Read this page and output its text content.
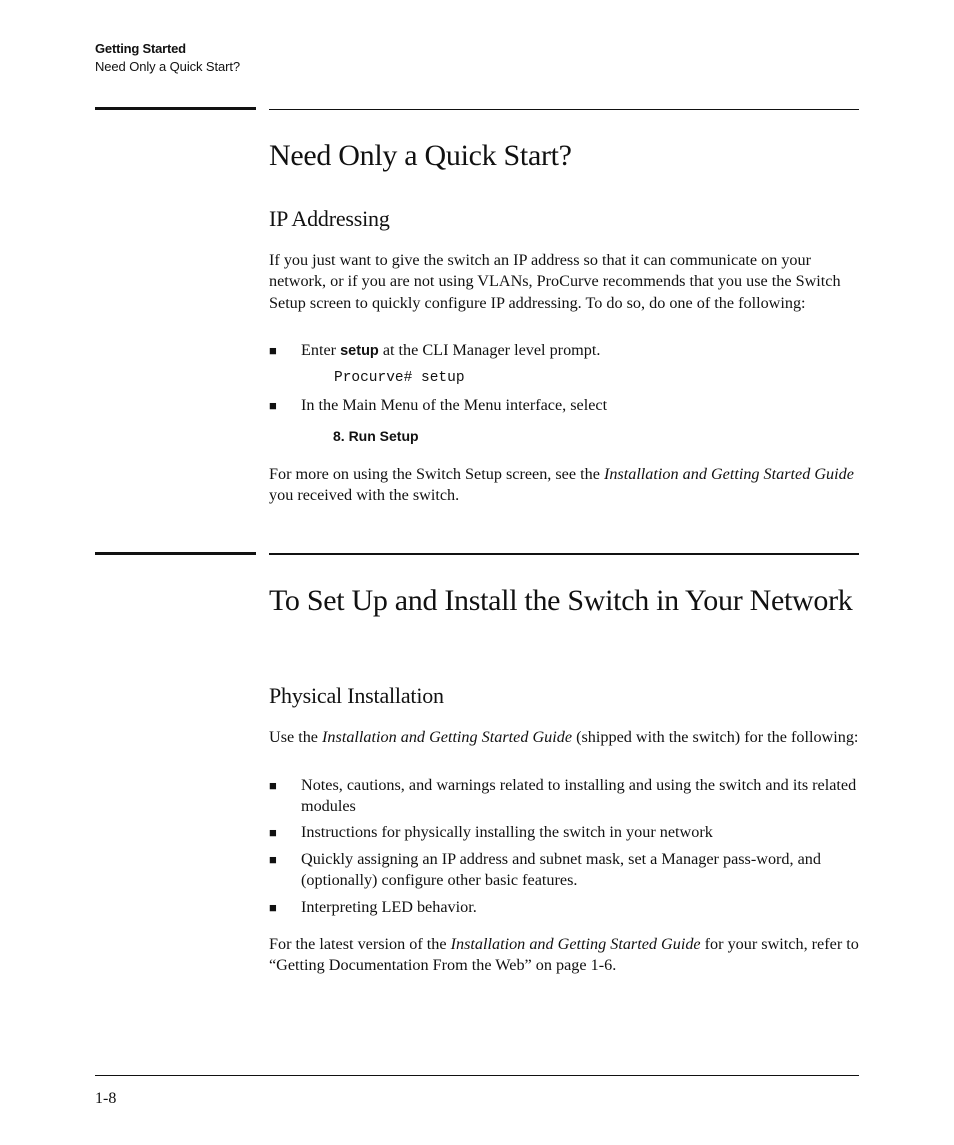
Getting Started
Need Only a Quick Start?
Need Only a Quick Start?
IP Addressing
If you just want to give the switch an IP address so that it can communicate on your network, or if you are not using VLANs, ProCurve recommends that you use the Switch Setup screen to quickly configure IP addressing. To do so, do one of the following:
■ Enter setup at the CLI Manager level prompt.
Procurve# setup
■ In the Main Menu of the Menu interface, select
8. Run Setup
For more on using the Switch Setup screen, see the Installation and Getting Started Guide you received with the switch.
To Set Up and Install the Switch in Your Network
Physical Installation
Use the Installation and Getting Started Guide (shipped with the switch) for the following:
■ Notes, cautions, and warnings related to installing and using the switch and its related modules
■ Instructions for physically installing the switch in your network
■ Quickly assigning an IP address and subnet mask, set a Manager pass-word, and (optionally) configure other basic features.
■ Interpreting LED behavior.
For the latest version of the Installation and Getting Started Guide for your switch, refer to “Getting Documentation From the Web” on page 1-6.
1-8
